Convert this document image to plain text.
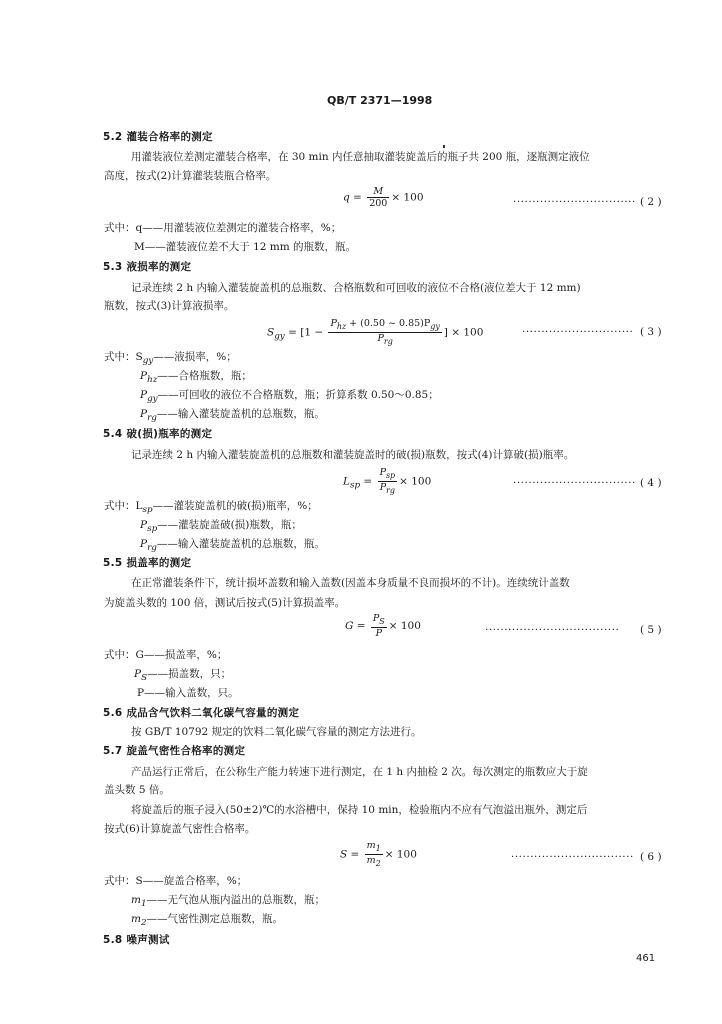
QB/T 2371—1998
5.2 灌装合格率的测定
用灌装液位差测定灌装合格率，在 30 min 内任意抽取灌装旋盖后的瓶子共 200 瓶，逐瓶测定液位
高度，按式(2)计算灌装装瓶合格率。
$q = \frac{M}{200} \times 100$	································ ( 2 )
式中：q——用灌装液位差测定的灌装合格率，%；
M——灌装液位差不大于 12 mm 的瓶数，瓶。
5.3 液损率的测定
记录连续 2 h 内输入灌装旋盖机的总瓶数、合格瓶数和可回收的液位不合格(液位差大于 12 mm)
瓶数，按式(3)计算液损率。
$S_{gy} = [1 - \frac{P_{hz} + (0.50 \sim 0.85)P_{gy}}{P_{rg}}$ ] × 100	····························· ( 3 )
式中：$S_{gy}——$液损率，%；
$P_{hz}——$合格瓶数，瓶；
$P_{gy}——$可回收的液位不合格瓶数，瓶；折算系数 0.50～0.85；
$P_{rg}——$输入灌装旋盖机的总瓶数，瓶。
5.4 破(损)瓶率的测定
记录连续 2 h 内输入灌装旋盖机的总瓶数和灌装旋盖时的破(损)瓶数，按式(4)计算破(损)瓶率。
$L_{sp} = \frac{P_{sp}}{P_{rg}} \times 100$	································ ( 4 )
式中：$L_{sp}——$灌装旋盖机的破(损)瓶率，%；
$P_{sp}——$灌装旋盖破(损)瓶数，瓶；
$P_{rg}——$输入灌装旋盖机的总瓶数，瓶。
5.5 损盖率的测定
在正常灌装条件下，统计损坏盖数和输入盖数(因盖本身质量不良而损坏的不计)。连续统计盖数
为旋盖头数的 100 倍，测试后按式(5)计算损盖率。
$G = \frac{P_S}{P} \times 100$	··································· ( 5 )
式中：G——损盖率，%；
$P_S——$损盖数，只；
P——输入盖数，只。
5.6 成品含气饮料二氧化碳气容量的测定
按 GB/T 10792 规定的饮料二氧化碳气容量的测定方法进行。
5.7 旋盖气密性合格率的测定
产品运行正常后，在公称生产能力转速下进行测定，在 1 h 内抽检 2 次。每次测定的瓶数应大于旋
盖头数 5 倍。
将旋盖后的瓶子浸入(50±2)℃的水浴槽中，保持 10 min，检验瓶内不应有气泡溢出瓶外，测定后
按式(6)计算旋盖气密性合格率。
$S = \frac{m_1}{m_2} \times 100$	································ ( 6 )
式中：S——旋盖合格率，%；
$m_1——$无气泡从瓶内溢出的总瓶数，瓶；
$m_2——$气密性测定总瓶数，瓶。
5.8 噪声测试
461
